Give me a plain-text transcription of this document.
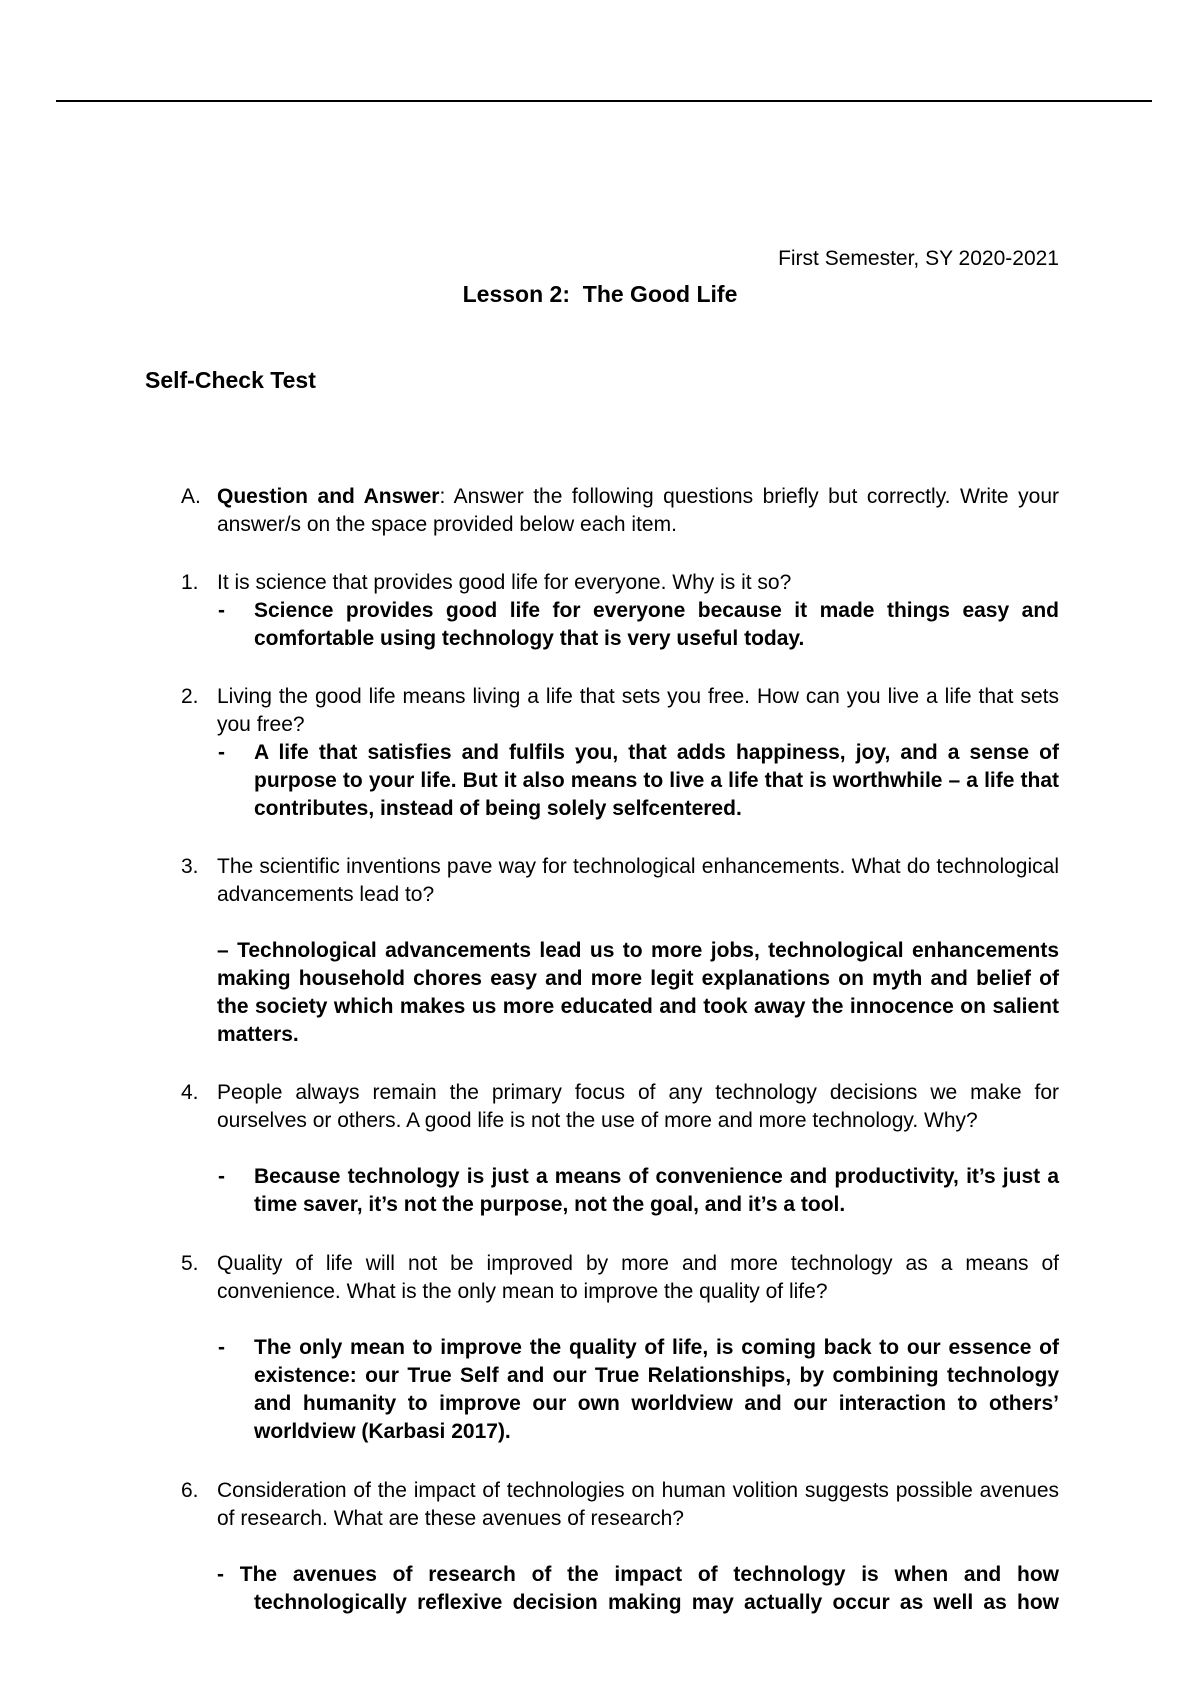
First Semester, SY 2020-2021
Lesson 2:  The Good Life
Self-Check Test
A. Question and Answer: Answer the following questions briefly but correctly. Write your answer/s on the space provided below each item.
1. It is science that provides good life for everyone. Why is it so?
- Science provides good life for everyone because it made things easy and comfortable using technology that is very useful today.
2. Living the good life means living a life that sets you free. How can you live a life that sets you free?
- A life that satisfies and fulfils you, that adds happiness, joy, and a sense of purpose to your life. But it also means to live a life that is worthwhile – a life that contributes, instead of being solely selfcentered.
3. The scientific inventions pave way for technological enhancements. What do technological advancements lead to?
– Technological advancements lead us to more jobs, technological enhancements making household chores easy and more legit explanations on myth and belief of the society which makes us more educated and took away the innocence on salient matters.
4. People always remain the primary focus of any technology decisions we make for ourselves or others. A good life is not the use of more and more technology. Why?
- Because technology is just a means of convenience and productivity, it’s just a time saver, it’s not the purpose, not the goal, and it’s a tool.
5. Quality of life will not be improved by more and more technology as a means of convenience. What is the only mean to improve the quality of life?
- The only mean to improve the quality of life, is coming back to our essence of existence: our True Self and our True Relationships, by combining technology and humanity to improve our own worldview and our interaction to others’ worldview (Karbasi 2017).
6. Consideration of the impact of technologies on human volition suggests possible avenues of research. What are these avenues of research?
- The avenues of research of the impact of technology is when and how
technologically reflexive decision making may actually occur as well as how
